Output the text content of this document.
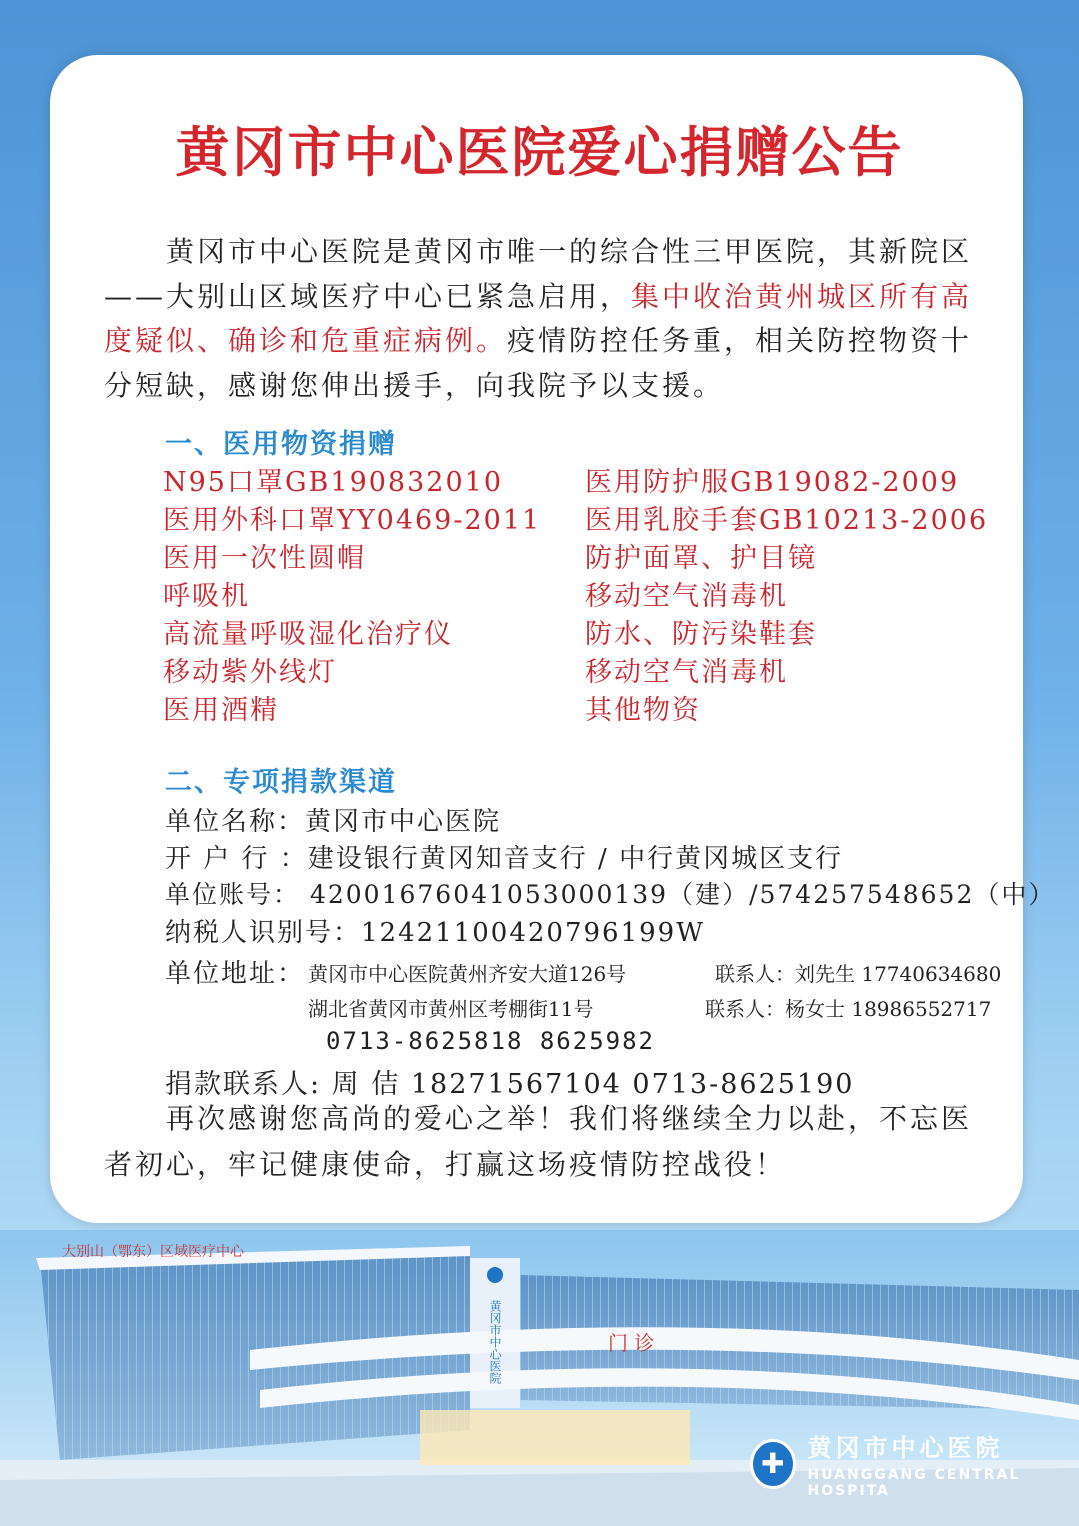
黄冈市中心医院爱心捐赠公告

黄冈市中心医院是黄冈市唯一的综合性三甲医院，其新院区——大别山区域医疗中心已紧急启用，集中收治黄州城区所有高度疑似、确诊和危重症病例。疫情防控任务重，相关防控物资十分短缺，感谢您伸出援手，向我院予以支援。

一、医用物资捐赠
N95口罩GB190832010
医用外科口罩YY0469-2011
医用一次性圆帽
呼吸机
高流量呼吸湿化治疗仪
移动紫外线灯
医用酒精
医用防护服GB19082-2009
医用乳胶手套GB10213-2006
防护面罩、护目镜
移动空气消毒机
防水、防污染鞋套
移动空气消毒机
其他物资
二、专项捐款渠道
单位名称：黄冈市中心医院
开 户 行 ：建设银行黄冈知音支行 / 中行黄冈城区支行
单位账号： 42001676041053000139（建）/574257548652（中）
纳税人识别号：12421100420796199W
单位地址： 黄冈市中心医院黄州齐安大道126号	联系人：刘先生 17740634680
湖北省黄冈市黄州区考棚街11号	联系人：杨女士 18986552717
0713-8625818 8625982
捐款联系人: 周 佶 18271567104 0713-8625190

再次感谢您高尚的爱心之举！我们将继续全力以赴，不忘医者初心，牢记健康使命，打赢这场疫情防控战役！

大别山（鄂东）区域医疗中心
门 诊
黄冈市中心医院
✚ 黄冈市中心医院
HUANGGANG CENTRAL HOSPITA
